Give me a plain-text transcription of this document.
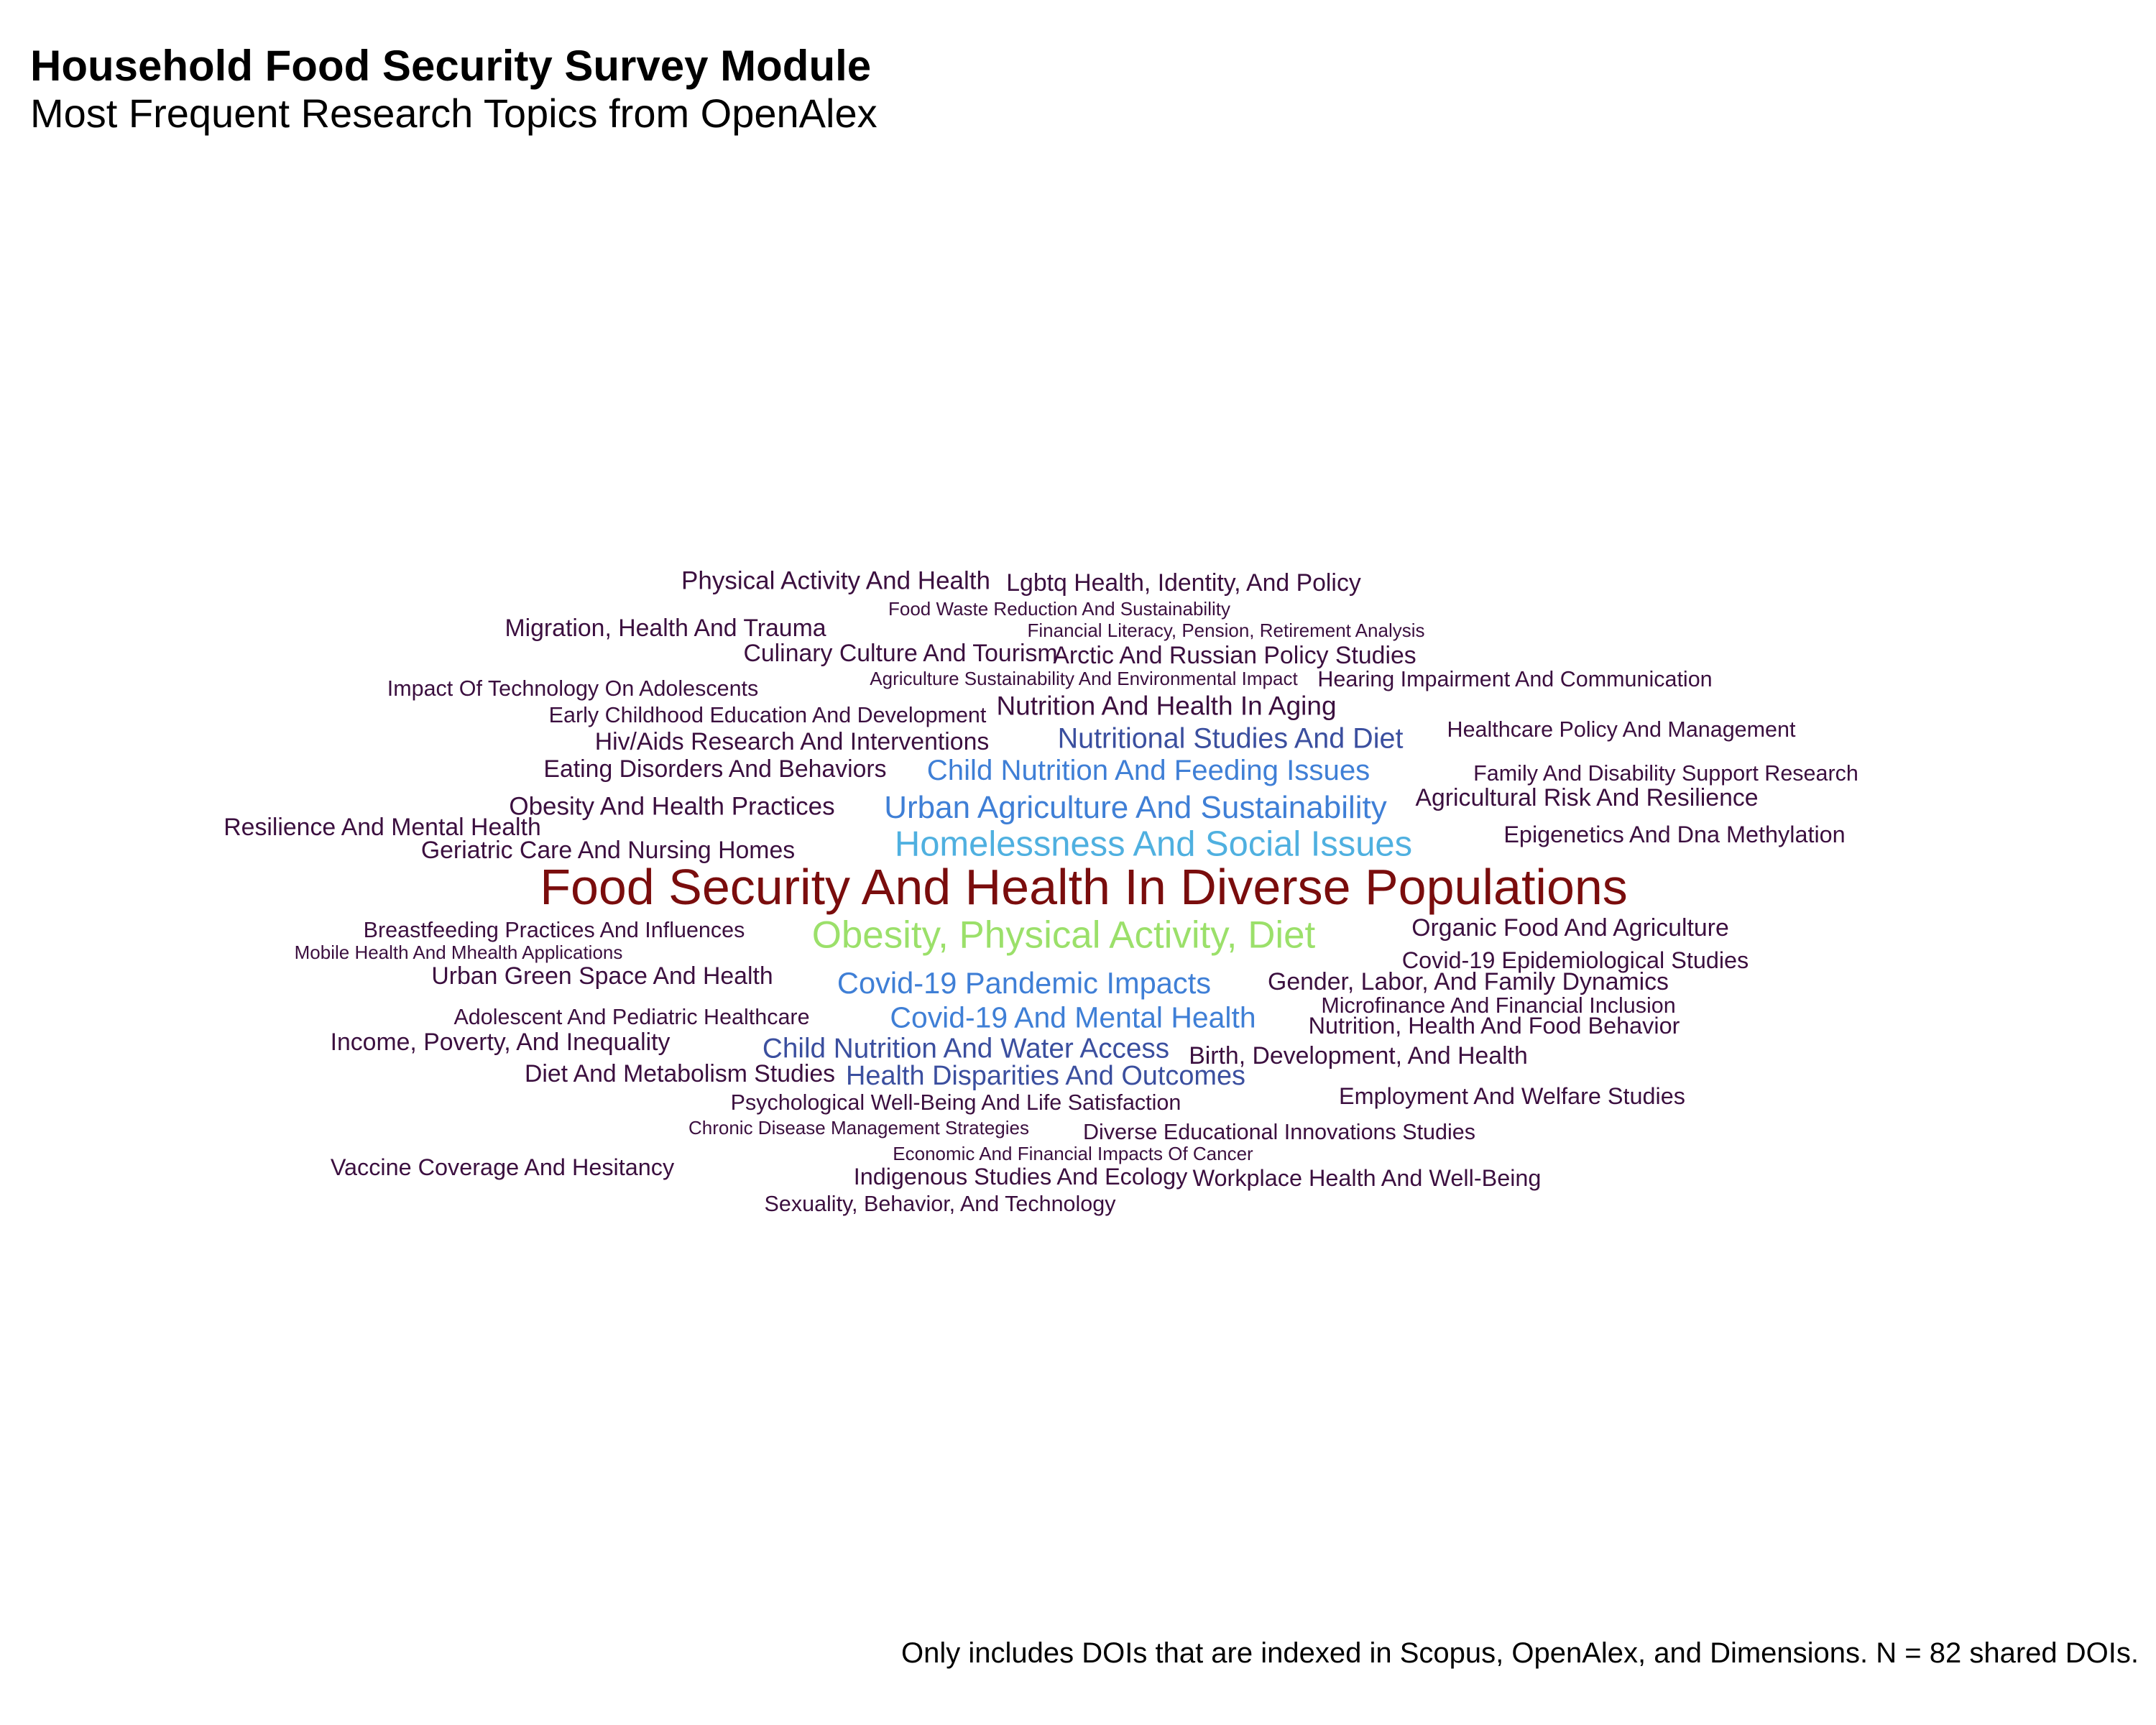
Household Food Security Survey Module
Most Frequent Research Topics from OpenAlex
Food Security And Health In Diverse Populations
Obesity, Physical Activity, Diet
Homelessness And Social Issues
Urban Agriculture And Sustainability
Covid-19 Pandemic Impacts
Covid-19 And Mental Health
Child Nutrition And Feeding Issues
Nutritional Studies And Diet
Child Nutrition And Water Access
Health Disparities And Outcomes
Nutrition And Health In Aging
Physical Activity And Health Lgbtq Health, Identity, And Policy
Migration, Health And Trauma
Culinary Culture And Tourism
Arctic And Russian Policy Studies
Obesity And Health Practices
Eating Disorders And Behaviors
Hiv/Aids Research And Interventions
Agricultural Risk And Resilience
Resilience And Mental Health
Geriatric Care And Nursing Homes
Epigenetics And Dna Methylation
Organic Food And Agriculture
Covid-19 Epidemiological Studies
Gender, Labor, And Family Dynamics
Urban Green Space And Health
Income, Poverty, And Inequality
Diet And Metabolism Studies
Birth, Development, And Health
Nutrition, Health And Food Behavior
Employment And Welfare Studies
Vaccine Coverage And Hesitancy	Indigenous Studies And Ecology Workplace Health And Well-Being
Sexuality, Behavior, And Technology
Healthcare Policy And Management
Hearing Impairment And Communication
Food Waste Reduction And Sustainability
Financial Literacy, Pension, Retirement Analysis
Agriculture Sustainability And Environmental Impact
Impact Of Technology On Adolescents
Early Childhood Education And Development
Family And Disability Support Research
Breastfeeding Practices And Influences
Mobile Health And Mhealth Applications
Adolescent And Pediatric Healthcare	Microfinance And Financial Inclusion
Psychological Well-Being And Life Satisfaction
Chronic Disease Management Strategies Diverse Educational Innovations Studies
Economic And Financial Impacts Of Cancer
Only includes DOIs that are indexed in Scopus, OpenAlex, and Dimensions. N = 82 shared DOIs.
